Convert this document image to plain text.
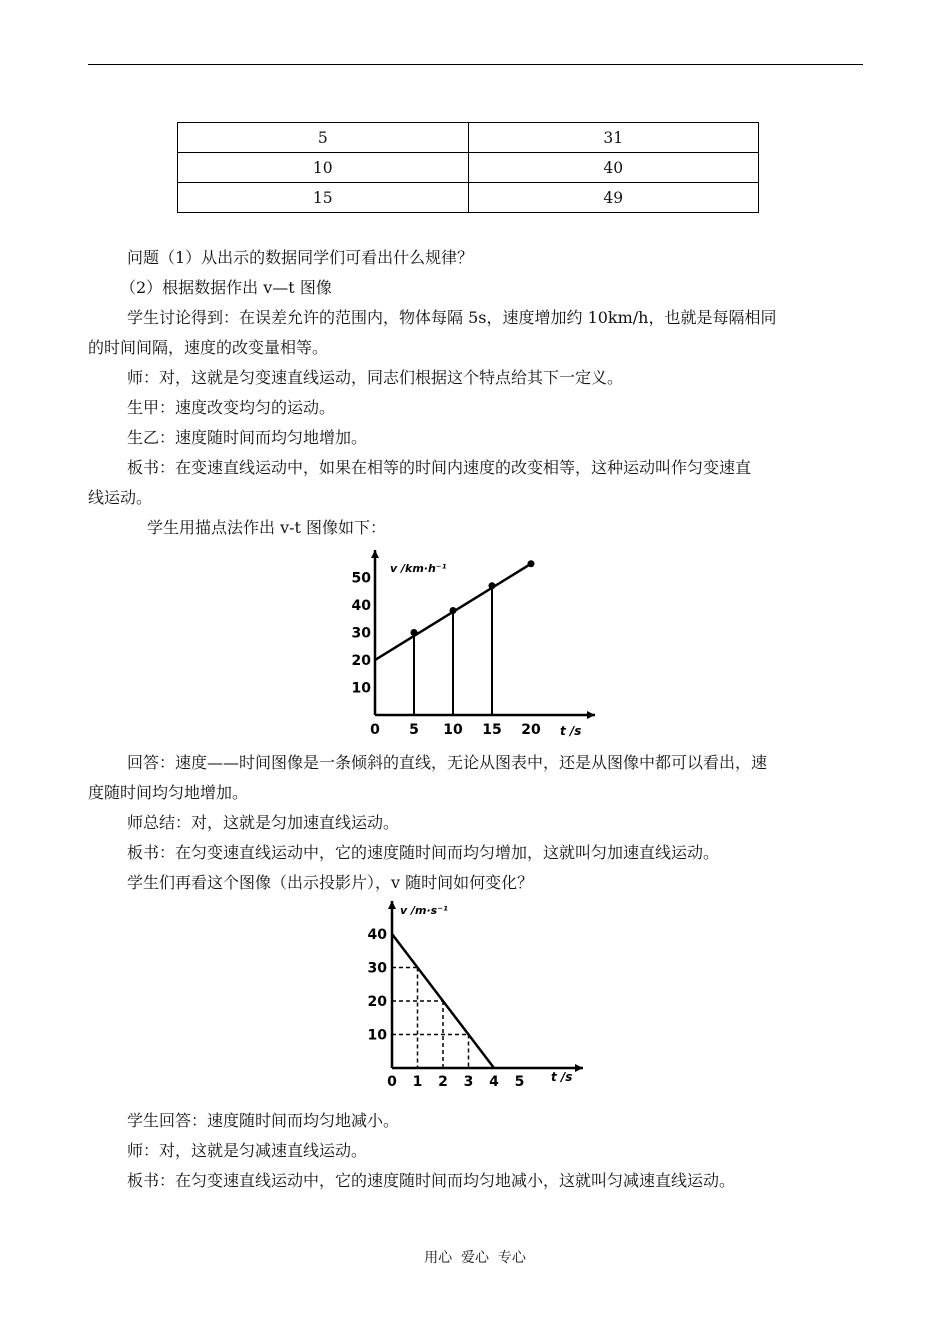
5	31
10	40
15	49
问题（1）从出示的数据同学们可看出什么规律？
（2）根据数据作出 v—t 图像
学生讨论得到：在误差允许的范围内，物体每隔 5s，速度增加约 10km/h，也就是每隔相同
的时间间隔，速度的改变量相等。
师：对，这就是匀变速直线运动，同志们根据这个特点给其下一定义。
生甲：速度改变均匀的运动。
生乙：速度随时间而均匀地增加。
板书：在变速直线运动中，如果在相等的时间内速度的改变相等，这种运动叫作匀变速直
线运动。
学生用描点法作出 v-t 图像如下：
10
20
30
40
50
0 5 10 15 20
v /km·h⁻¹
t /s
回答：速度——时间图像是一条倾斜的直线，无论从图表中，还是从图像中都可以看出，速
度随时间均匀地增加。
师总结：对，这就是匀加速直线运动。
板书：在匀变速直线运动中，它的速度随时间而均匀增加，这就叫匀加速直线运动。
学生们再看这个图像（出示投影片），v 随时间如何变化？
10
20
30
40
0 1 2 3 4 5
v /m·s⁻¹
t /s
学生回答：速度随时间而均匀地减小。
师：对，这就是匀减速直线运动。
板书：在匀变速直线运动中，它的速度随时间而均匀地减小，这就叫匀减速直线运动。
用心  爱心  专心
